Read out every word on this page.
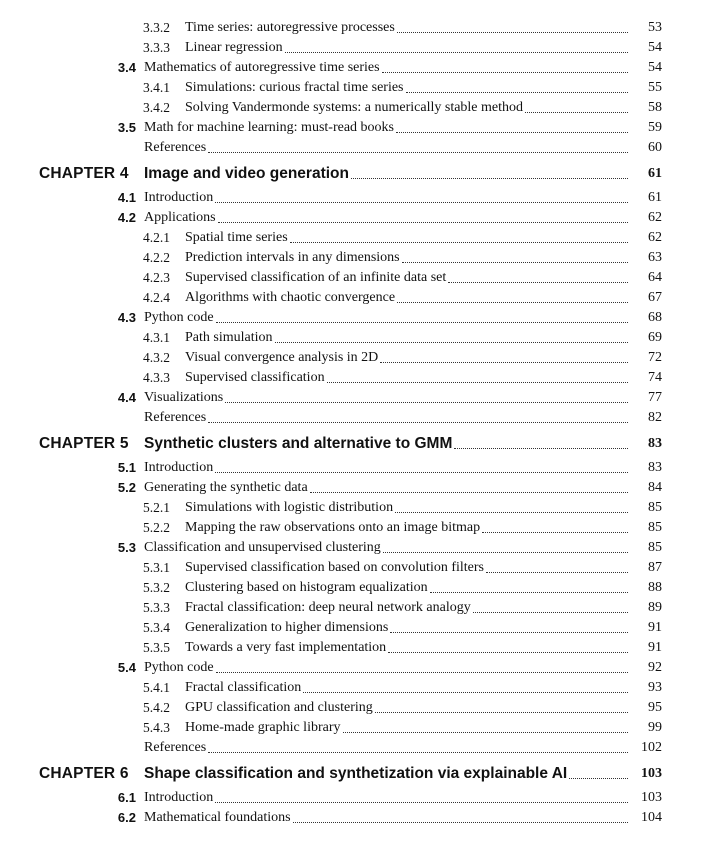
3.3.2 Time series: autoregressive processes	53
3.3.3 Linear regression	54
3.4 Mathematics of autoregressive time series	54
3.4.1 Simulations: curious fractal time series	55
3.4.2 Solving Vandermonde systems: a numerically stable method	58
3.5 Math for machine learning: must-read books	59
References	60
CHAPTER 4 Image and video generation	61
4.1 Introduction	61
4.2 Applications	62
4.2.1 Spatial time series	62
4.2.2 Prediction intervals in any dimensions	63
4.2.3 Supervised classification of an infinite data set	64
4.2.4 Algorithms with chaotic convergence	67
4.3 Python code	68
4.3.1 Path simulation	69
4.3.2 Visual convergence analysis in 2D	72
4.3.3 Supervised classification	74
4.4 Visualizations	77
References	82
CHAPTER 5 Synthetic clusters and alternative to GMM	83
5.1 Introduction	83
5.2 Generating the synthetic data	84
5.2.1 Simulations with logistic distribution	85
5.2.2 Mapping the raw observations onto an image bitmap	85
5.3 Classification and unsupervised clustering	85
5.3.1 Supervised classification based on convolution filters	87
5.3.2 Clustering based on histogram equalization	88
5.3.3 Fractal classification: deep neural network analogy	89
5.3.4 Generalization to higher dimensions	91
5.3.5 Towards a very fast implementation	91
5.4 Python code	92
5.4.1 Fractal classification	93
5.4.2 GPU classification and clustering	95
5.4.3 Home-made graphic library	99
References	102
CHAPTER 6 Shape classification and synthetization via explainable AI	103
6.1 Introduction	103
6.2 Mathematical foundations	104
